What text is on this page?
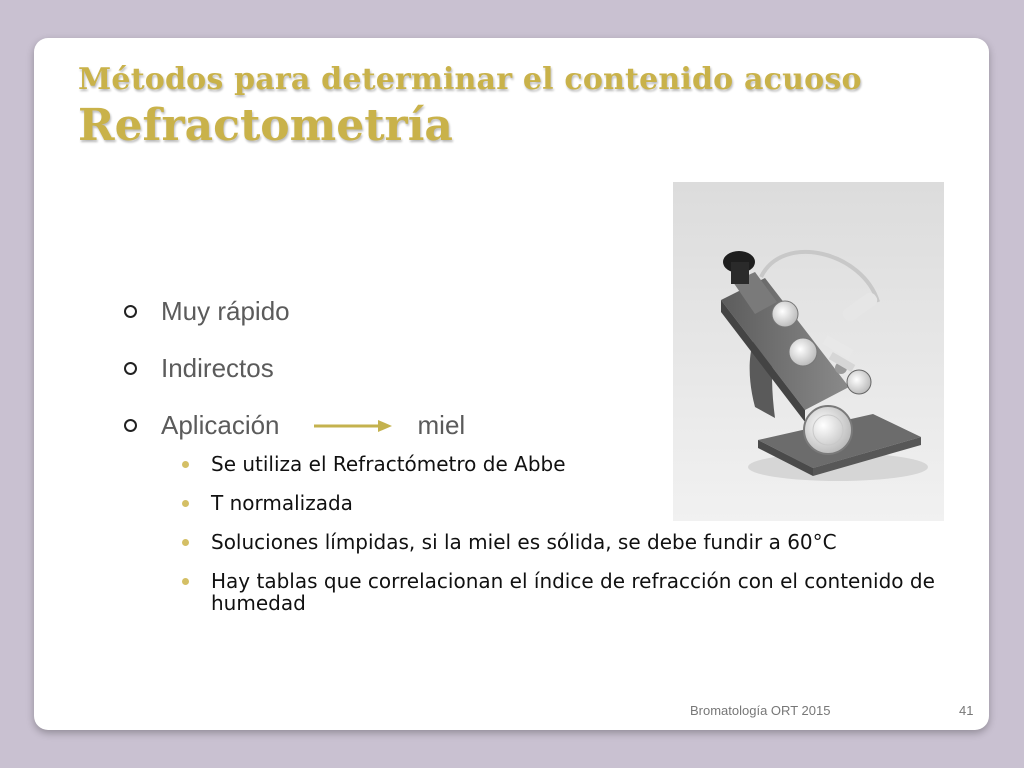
Métodos para determinar el contenido acuoso
Refractometría
Muy rápido
Indirectos
Aplicación	miel
Se utiliza el Refractómetro de Abbe
T normalizada
Soluciones límpidas, si la miel es sólida, se debe fundir a 60°C
Hay tablas que correlacionan el índice de refracción con el contenido de humedad
Bromatología ORT 2015	41
